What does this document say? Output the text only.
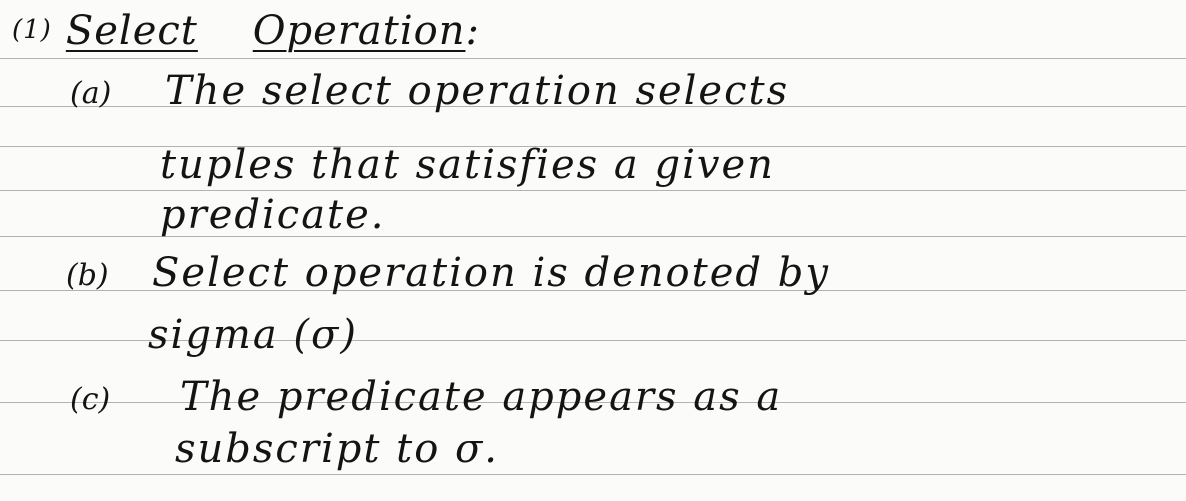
(1) Select Operation:
(a) The select operation selects
tuples that satisfies a given
predicate.
(b) Select operation is denoted by
sigma (σ)
(c) The predicate appears as a
subscript to σ.
